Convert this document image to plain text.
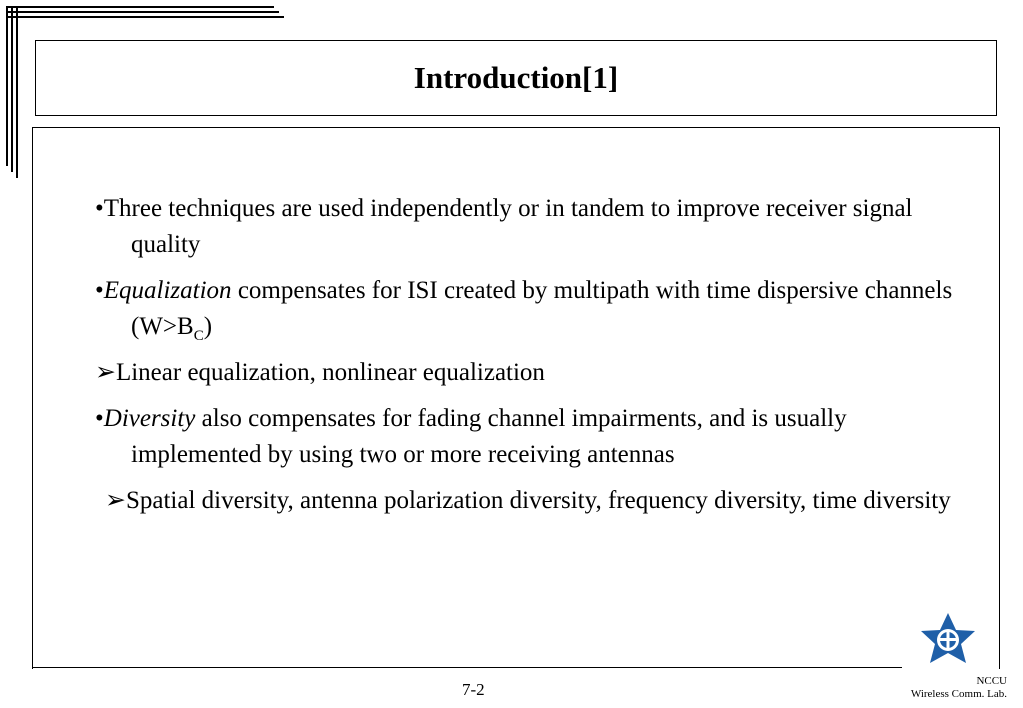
Introduction[1]
•Three techniques are used independently or in tandem to improve receiver signal quality
•Equalization compensates for ISI created by multipath with time dispersive channels $(W>B_C)$
➢Linear equalization, nonlinear equalization
•Diversity also compensates for fading channel impairments, and is usually implemented by using two or more receiving antennas
➢Spatial diversity, antenna polarization diversity, frequency diversity, time diversity
7-2	NCCU
Wireless Comm. Lab.
